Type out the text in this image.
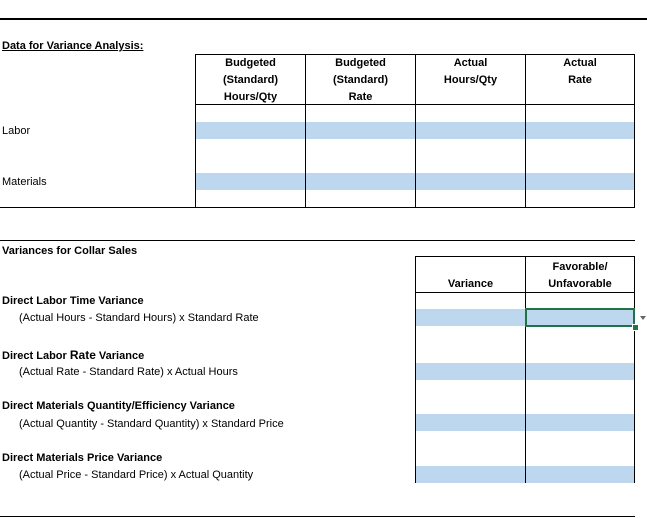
Data for Variance Analysis:
Budgeted
(Standard)
Hours/Qty
Budgeted
(Standard)
Rate
Actual
Hours/Qty
Actual
Rate
Labor
Materials
Variances for Collar Sales
Variance
Favorable/
Unfavorable
Direct Labor Time Variance
(Actual Hours - Standard Hours) x Standard Rate
Direct Labor Rate Variance
(Actual Rate - Standard Rate) x Actual Hours
Direct Materials Quantity/Efficiency Variance
(Actual Quantity - Standard Quantity) x Standard Price
Direct Materials Price Variance
(Actual Price - Standard Price) x Actual Quantity
